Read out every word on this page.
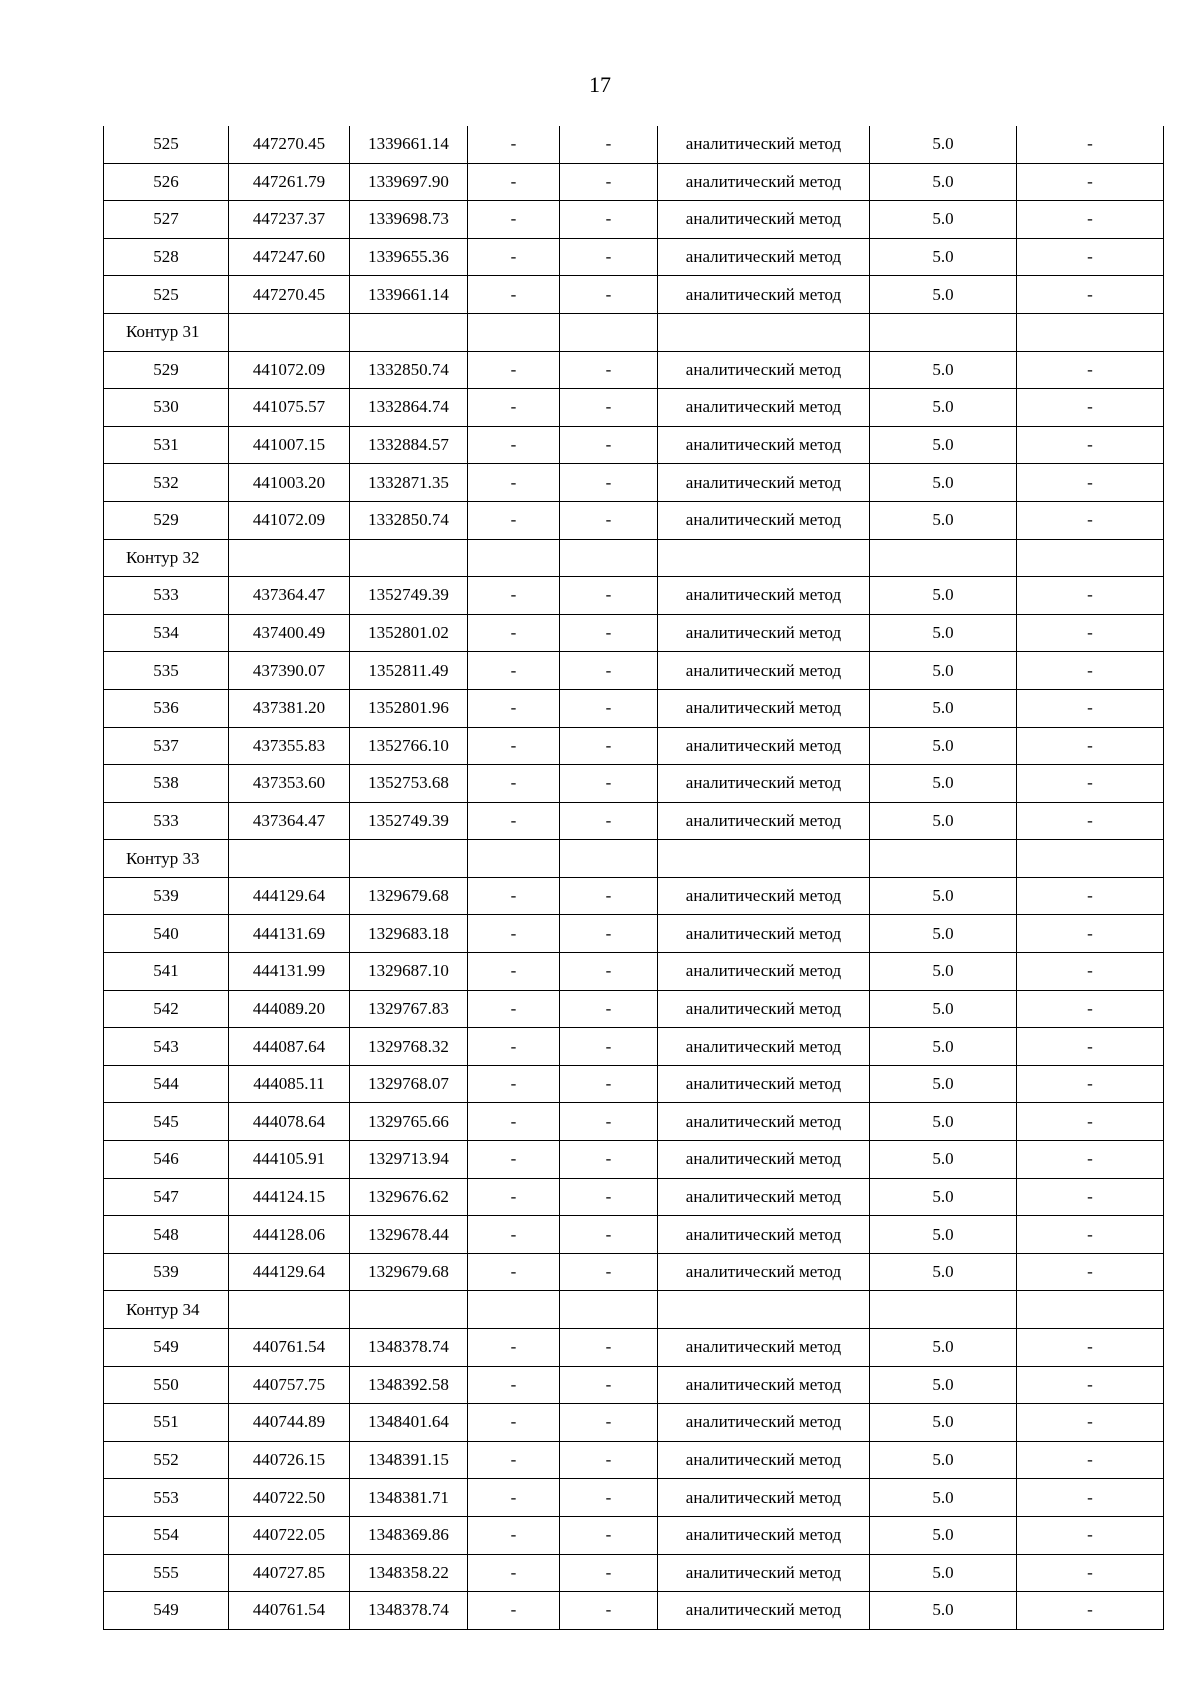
17
525	447270.45	1339661.14	-	-	аналитический метод	5.0	-
526	447261.79	1339697.90	-	-	аналитический метод	5.0	-
527	447237.37	1339698.73	-	-	аналитический метод	5.0	-
528	447247.60	1339655.36	-	-	аналитический метод	5.0	-
525	447270.45	1339661.14	-	-	аналитический метод	5.0	-
Контур 31							
529	441072.09	1332850.74	-	-	аналитический метод	5.0	-
530	441075.57	1332864.74	-	-	аналитический метод	5.0	-
531	441007.15	1332884.57	-	-	аналитический метод	5.0	-
532	441003.20	1332871.35	-	-	аналитический метод	5.0	-
529	441072.09	1332850.74	-	-	аналитический метод	5.0	-
Контур 32							
533	437364.47	1352749.39	-	-	аналитический метод	5.0	-
534	437400.49	1352801.02	-	-	аналитический метод	5.0	-
535	437390.07	1352811.49	-	-	аналитический метод	5.0	-
536	437381.20	1352801.96	-	-	аналитический метод	5.0	-
537	437355.83	1352766.10	-	-	аналитический метод	5.0	-
538	437353.60	1352753.68	-	-	аналитический метод	5.0	-
533	437364.47	1352749.39	-	-	аналитический метод	5.0	-
Контур 33							
539	444129.64	1329679.68	-	-	аналитический метод	5.0	-
540	444131.69	1329683.18	-	-	аналитический метод	5.0	-
541	444131.99	1329687.10	-	-	аналитический метод	5.0	-
542	444089.20	1329767.83	-	-	аналитический метод	5.0	-
543	444087.64	1329768.32	-	-	аналитический метод	5.0	-
544	444085.11	1329768.07	-	-	аналитический метод	5.0	-
545	444078.64	1329765.66	-	-	аналитический метод	5.0	-
546	444105.91	1329713.94	-	-	аналитический метод	5.0	-
547	444124.15	1329676.62	-	-	аналитический метод	5.0	-
548	444128.06	1329678.44	-	-	аналитический метод	5.0	-
539	444129.64	1329679.68	-	-	аналитический метод	5.0	-
Контур 34							
549	440761.54	1348378.74	-	-	аналитический метод	5.0	-
550	440757.75	1348392.58	-	-	аналитический метод	5.0	-
551	440744.89	1348401.64	-	-	аналитический метод	5.0	-
552	440726.15	1348391.15	-	-	аналитический метод	5.0	-
553	440722.50	1348381.71	-	-	аналитический метод	5.0	-
554	440722.05	1348369.86	-	-	аналитический метод	5.0	-
555	440727.85	1348358.22	-	-	аналитический метод	5.0	-
549	440761.54	1348378.74	-	-	аналитический метод	5.0	-
